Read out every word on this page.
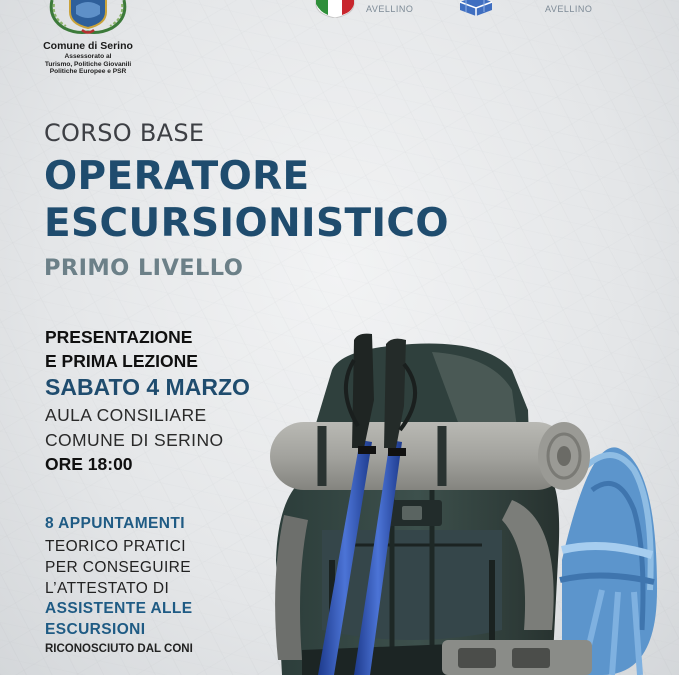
Comune di Serino
Assessorato al
Turismo, Politiche Giovanili
Politiche Europee e PSR
AVELLINO	AVELLINO
CORSO BASE
OPERATORE
ESCURSIONISTICO
PRIMO LIVELLO
PRESENTAZIONE
E PRIMA LEZIONE
SABATO 4 MARZO
AULA CONSILIARE
COMUNE DI SERINO
ORE 18:00
8 APPUNTAMENTI
TEORICO PRATICI
PER CONSEGUIRE
L’ATTESTATO DI
ASSISTENTE ALLE
ESCURSIONI
RICONOSCIUTO DAL CONI
